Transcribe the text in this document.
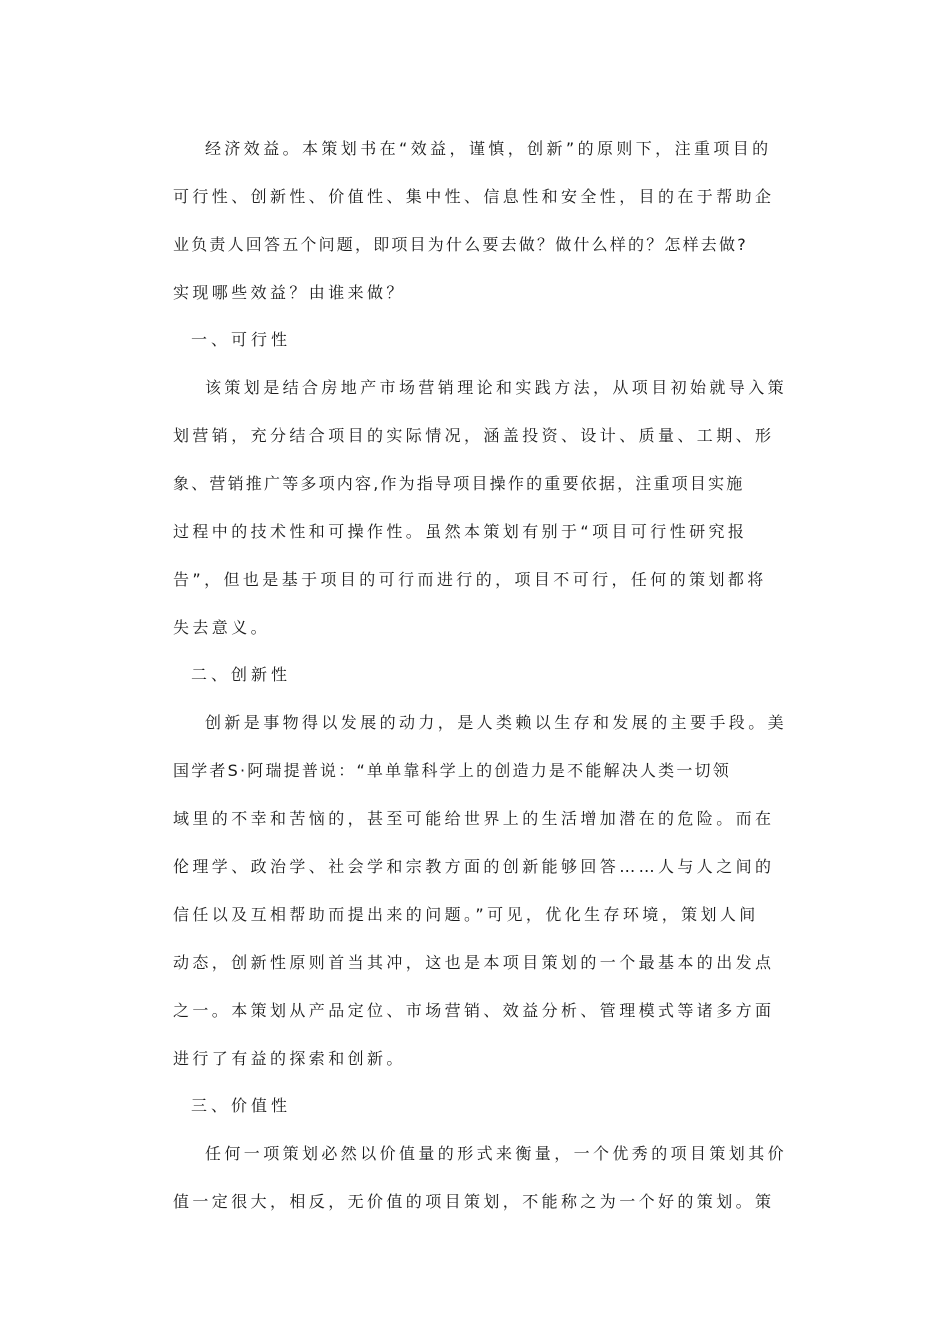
经济效益。本策划书在“效益，谨慎，创新”的原则下，注重项目的
可行性、创新性、价值性、集中性、信息性和安全性，目的在于帮助企
业负责人回答五个问题，即项目为什么要去做？做什么样的？怎样去做?
实现哪些效益？由谁来做？
一、可行性
该策划是结合房地产市场营销理论和实践方法，从项目初始就导入策
划营销，充分结合项目的实际情况，涵盖投资、设计、质量、工期、形
象、营销推广等多项内容,作为指导项目操作的重要依据，注重项目实施
过程中的技术性和可操作性。虽然本策划有别于“项目可行性研究报
告”，但也是基于项目的可行而进行的，项目不可行，任何的策划都将
失去意义。
二、创新性
创新是事物得以发展的动力，是人类赖以生存和发展的主要手段。美
国学者S·阿瑞提普说：“单单靠科学上的创造力是不能解决人类一切领
域里的不幸和苦恼的，甚至可能给世界上的生活增加潜在的危险。而在
伦理学、政治学、社会学和宗教方面的创新能够回答……人与人之间的
信任以及互相帮助而提出来的问题。”可见，优化生存环境，策划人间
动态，创新性原则首当其冲，这也是本项目策划的一个最基本的出发点
之一。本策划从产品定位、市场营销、效益分析、管理模式等诸多方面
进行了有益的探索和创新。
三、价值性
任何一项策划必然以价值量的形式来衡量，一个优秀的项目策划其价
值一定很大，相反，无价值的项目策划，不能称之为一个好的策划。策
